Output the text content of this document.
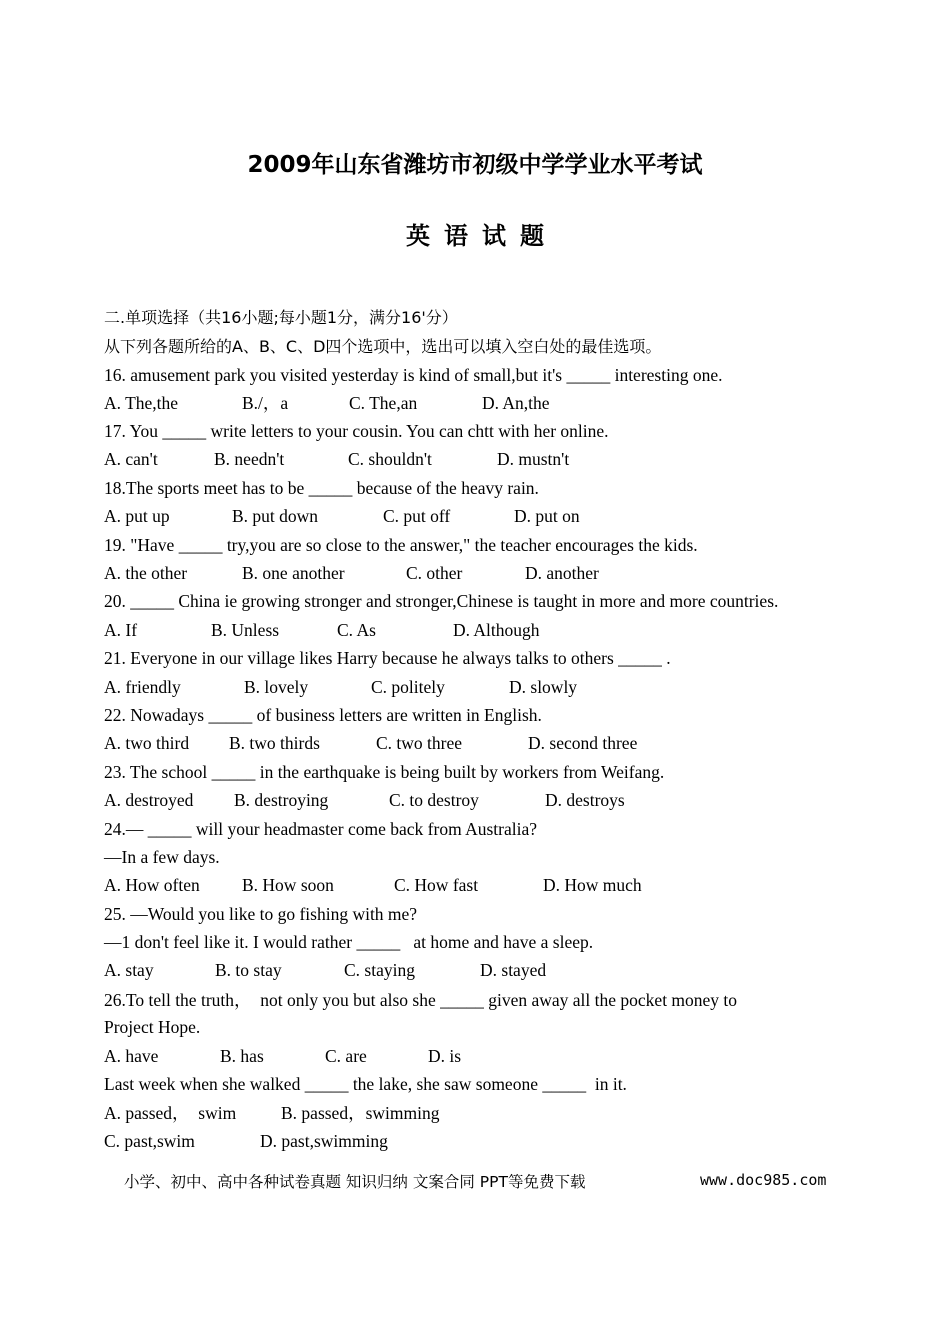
2009年山东省潍坊市初级中学学业水平考试
英语试题
二.单项选择（共16小题;每小题1分，满分16'分）
从下列各题所给的A、B、C、D四个选项中，选出可以填入空白处的最佳选项。
16. amusement park you visited yesterday is kind of small,but it's _____ interesting one.
A. The,the	B./，a	C. The,an	D. An,the
17. You _____ write letters to your cousin. You can chtt with her online.
A. can't	B. needn't	C. shouldn't	D. mustn't
18.The sports meet has to be _____ because of the heavy rain.
A. put up	B. put down	C. put off	D. put on
19. "Have _____ try,you are so close to the answer," the teacher encourages the kids.
A. the other	B. one another	C. other	D. another
20. _____ China ie growing stronger and stronger,Chinese is taught in more and more countries.
A. If	B. Unless	C. As	D. Although
21. Everyone in our village likes Harry because he always talks to others _____ .
A. friendly	B. lovely	C. politely	D. slowly
22. Nowadays _____ of business letters are written in English.
A. two third B. two thirds	C. two three	D. second three
23. The school _____ in the earthquake is being built by workers from Weifang.
A. destroyed B. destroying	C. to destroy	D. destroys
24.— _____ will your headmaster come back from Australia?
—In a few days.
A. How often B. How soon	C. How fast	D. How much
25. —Would you like to go fishing with me?
—1 don't feel like it. I would rather _____   at home and have a sleep.
A. stay	B. to stay	C. staying	D. stayed
26.To tell the truth，  not only you but also she _____ given away all the pocket money to
Project Hope.
A. have	B. has	C. are	D. is
Last week when she walked _____ the lake, she saw someone _____  in it.
A. passed，  swim	B. passed，swimming
C. past,swim	D. past,swimming
小学、初中、高中各种试卷真题 知识归纳 文案合同 PPT等免费下载	www.doc985.com
